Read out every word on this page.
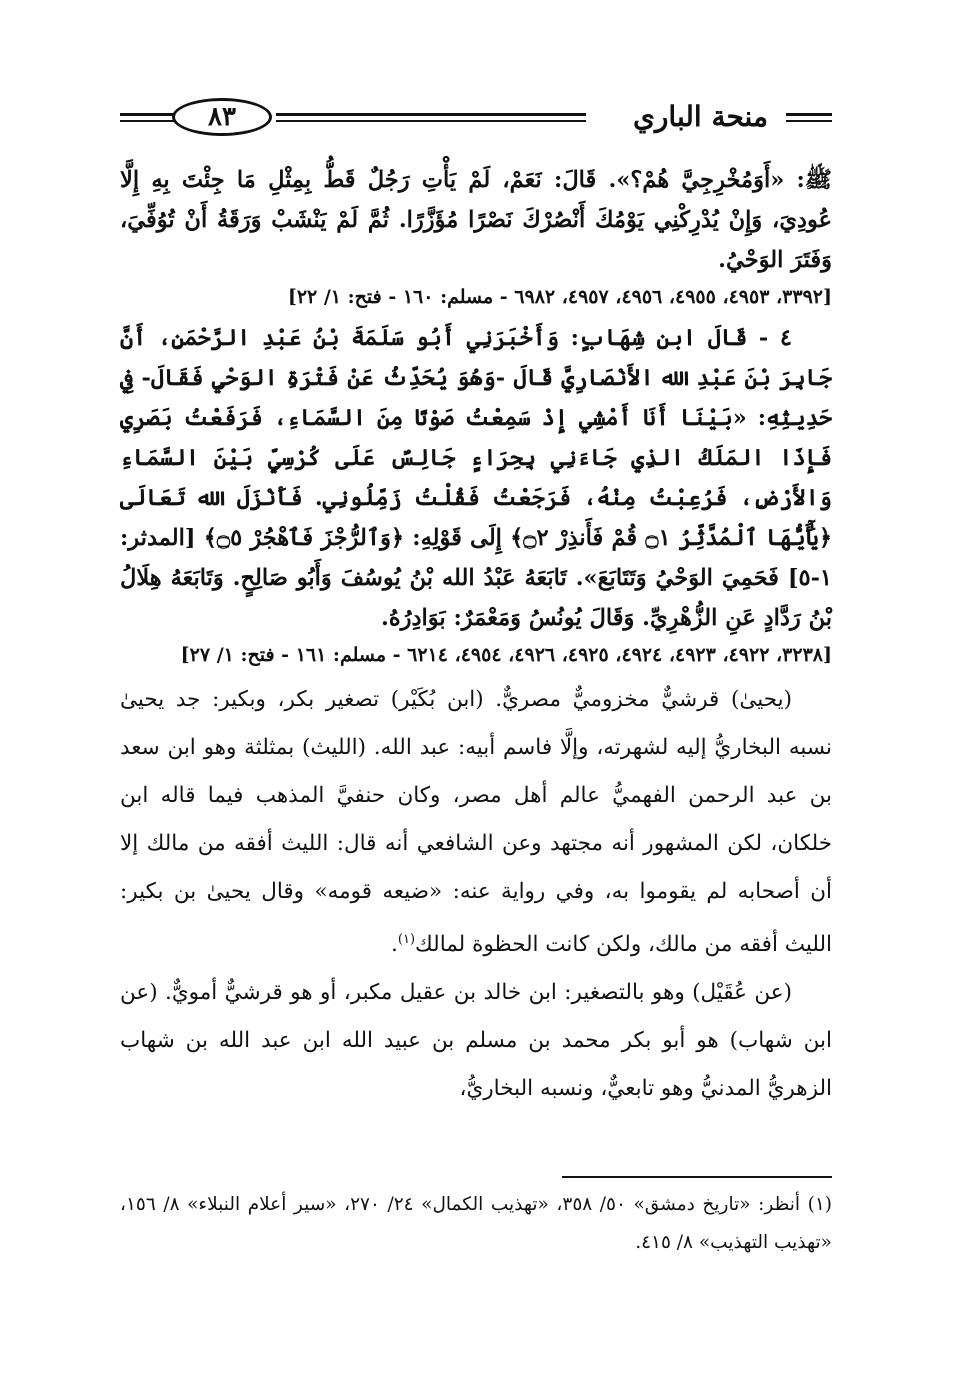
٨٣	منحة الباري

ﷺ: «أَوَمُخْرِجِيَّ هُمْ؟». قَالَ: نَعَمْ، لَمْ يَأْتِ رَجُلٌ قَطُّ بِمِثْلِ مَا جِئْتَ بِهِ إِلَّا عُودِيَ، وَإِنْ يُدْرِكْنِي يَوْمُكَ أَنْصُرْكَ نَصْرًا مُؤَزَّرًا. ثُمَّ لَمْ يَنْشَبْ وَرَقَةُ أَنْ تُوُفِّيَ، وَفَتَرَ الوَحْيُ.

[٣٣٩٢، ٤٩٥٣، ٤٩٥٥، ٤٩٥٦، ٤٩٥٧، ٦٩٨٢ - مسلم: ١٦٠ - فتح: ١/ ٢٢]

٤ - قَالَ ابن شِهَابٍ: وَأَخْبَرَنِي أَبُو سَلَمَةَ بْنُ عَبْدِ الرَّحْمَنِ، أَنَّ جَابِرَ بْنَ عَبْدِ الله الأَنْصَارِيَّ قَالَ -وَهُوَ يُحَدِّثُ عَنْ فَتْرَةِ الوَحْيِ فَقَالَ- فِي حَدِيثِهِ: «بَيْنَا أَنَا أَمْشِي إِذْ سَمِعْتُ صَوْتًا مِنَ السَّمَاءِ، فَرَفَعْتُ بَصَرِي فَإِذَا المَلَكُ الذِي جَاءَنِي بِحِرَاءٍ جَالِسٌ عَلَى كُرْسِيٍّ بَيْنَ السَّمَاءِ وَالأَرْضِ، فَرُعِبْتُ مِنْهُ، فَرَجَعْتُ فَقُلْتُ زَمِّلُونِي. فَأَنْزَلَ الله تَعَالَى ﴿يَٰٓأَيُّهَا ٱلْمُدَّثِّرُ ۝١ قُمْ فَأَنذِرْ ۝٢﴾ إِلَى قَوْلِهِ: ﴿وَٱلرُّجْزَ فَٱهْجُرْ ۝٥﴾ [المدثر: ١-٥] فَحَمِيَ الوَحْيُ وَتَتَابَعَ». تَابَعَهُ عَبْدُ الله بْنُ يُوسُفَ وَأَبُو صَالِحٍ. وَتَابَعَهُ هِلَالُ بْنُ رَدَّادٍ عَنِ الزُّهْرِيِّ. وَقَالَ يُونُسُ وَمَعْمَرٌ: بَوَادِرُهُ.

[٣٢٣٨، ٤٩٢٢، ٤٩٢٣، ٤٩٢٤، ٤٩٢٥، ٤٩٢٦، ٤٩٥٤، ٦٢١٤ - مسلم: ١٦١ - فتح: ١/ ٢٧]

(يحيىٰ) قرشيٌّ مخزوميٌّ مصريٌّ. (ابن بُكَيْر) تصغير بكر، وبكير: جد يحيىٰ نسبه البخاريُّ إليه لشهرته، وإلَّا فاسم أبيه: عبد الله. (الليث) بمثلثة وهو ابن سعد بن عبد الرحمن الفهميُّ عالم أهل مصر، وكان حنفيَّ المذهب فيما قاله ابن خلكان، لكن المشهور أنه مجتهد وعن الشافعي أنه قال: الليث أفقه من مالك إلا أن أصحابه لم يقوموا به، وفي رواية عنه: «ضيعه قومه» وقال يحيىٰ بن بكير: الليث أفقه من مالك، ولكن كانت الحظوة لمالك$^{(١)}$.

(عن عُقَيْل) وهو بالتصغير: ابن خالد بن عقيل مكبر، أو هو قرشيٌّ أمويٌّ. (عن ابن شهاب) هو أبو بكر محمد بن مسلم بن عبيد الله ابن عبد الله بن شهاب الزهريُّ المدنيُّ وهو تابعيٌّ، ونسبه البخاريُّ،

(١) أنظر: «تاريخ دمشق» ٥٠/ ٣٥٨، «تهذيب الكمال» ٢٤/ ٢٧٠، «سير أعلام النبلاء» ٨/ ١٥٦، «تهذيب التهذيب» ٨/ ٤١٥.
